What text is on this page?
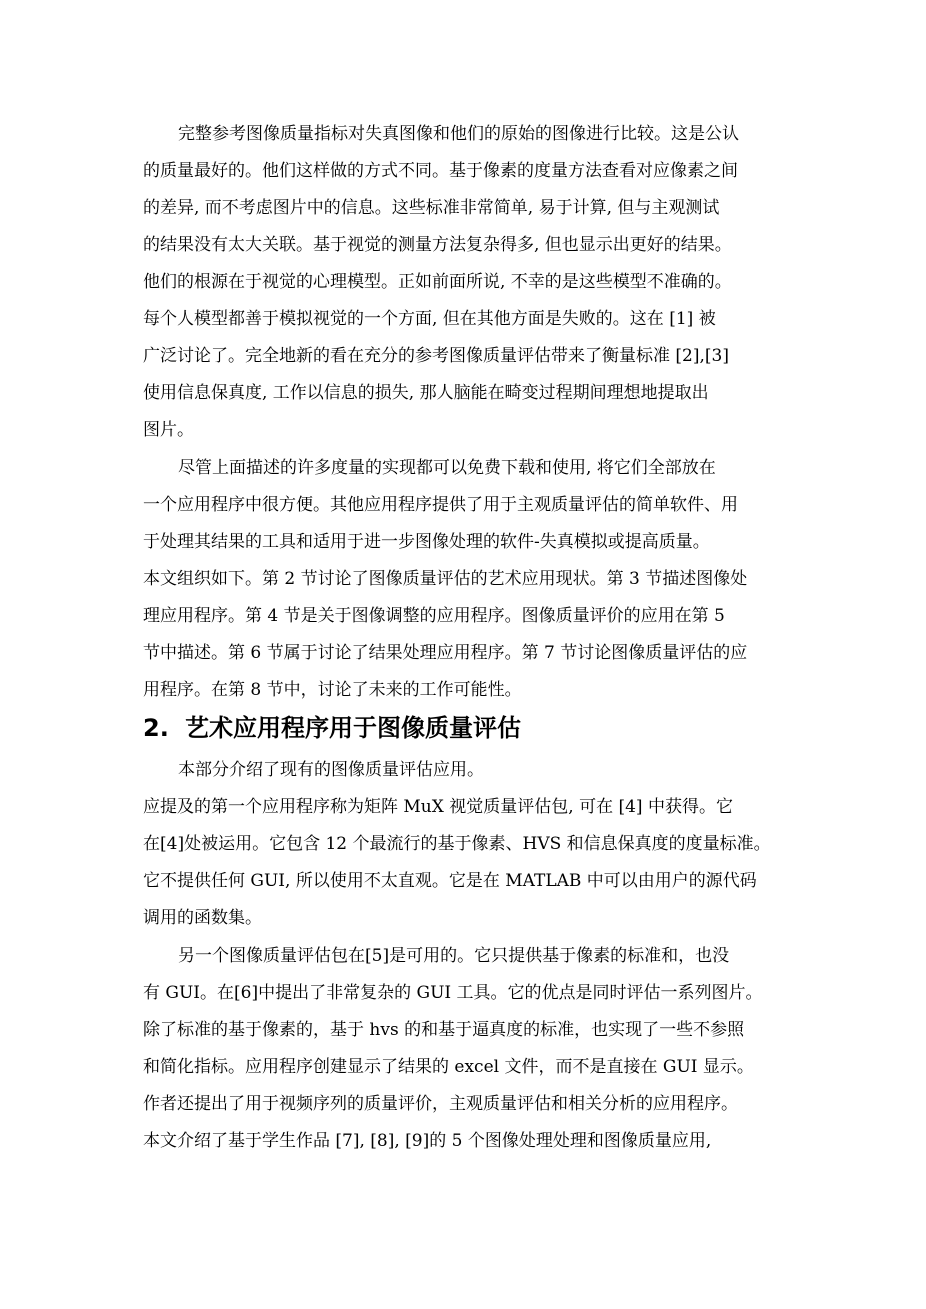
完整参考图像质量指标对失真图像和他们的原始的图像进行比较。这是公认

的质量最好的。他们这样做的方式不同。基于像素的度量方法查看对应像素之间

的差异, 而不考虑图片中的信息。这些标准非常简单, 易于计算, 但与主观测试

的结果没有太大关联。基于视觉的测量方法复杂得多, 但也显示出更好的结果。

他们的根源在于视觉的心理模型。正如前面所说, 不幸的是这些模型不准确的。

每个人模型都善于模拟视觉的一个方面, 但在其他方面是失败的。这在 [1] 被

广泛讨论了。完全地新的看在充分的参考图像质量评估带来了衡量标准 [2],[3]

使用信息保真度, 工作以信息的损失, 那人脑能在畸变过程期间理想地提取出

图片。

尽管上面描述的许多度量的实现都可以免费下载和使用, 将它们全部放在

一个应用程序中很方便。其他应用程序提供了用于主观质量评估的简单软件、用

于处理其结果的工具和适用于进一步图像处理的软件-失真模拟或提高质量。

本文组织如下。第 2 节讨论了图像质量评估的艺术应用现状。第 3 节描述图像处

理应用程序。第 4 节是关于图像调整的应用程序。图像质量评价的应用在第 5

节中描述。第 6 节属于讨论了结果处理应用程序。第 7 节讨论图像质量评估的应

用程序。在第 8 节中，讨论了未来的工作可能性。

2. 艺术应用程序用于图像质量评估

本部分介绍了现有的图像质量评估应用。

应提及的第一个应用程序称为矩阵 MuX 视觉质量评估包, 可在 [4] 中获得。它

在[4]处被运用。它包含 12 个最流行的基于像素、HVS 和信息保真度的度量标准。

它不提供任何 GUI, 所以使用不太直观。它是在 MATLAB 中可以由用户的源代码

调用的函数集。

另一个图像质量评估包在[5]是可用的。它只提供基于像素的标准和，也没

有 GUI。在[6]中提出了非常复杂的 GUI 工具。它的优点是同时评估一系列图片。

除了标准的基于像素的，基于 hvs 的和基于逼真度的标准，也实现了一些不参照

和简化指标。应用程序创建显示了结果的 excel 文件，而不是直接在 GUI 显示。

作者还提出了用于视频序列的质量评价，主观质量评估和相关分析的应用程序。

本文介绍了基于学生作品 [7], [8], [9]的 5 个图像处理处理和图像质量应用,
